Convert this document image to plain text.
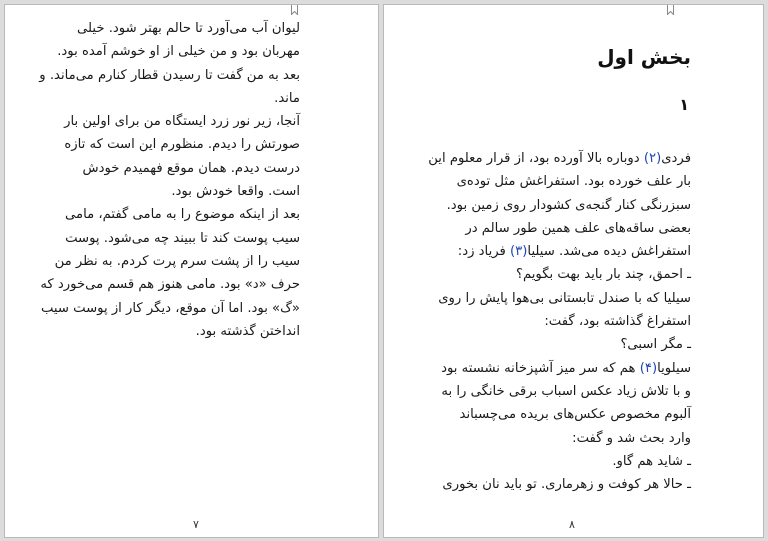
لیوان آب می‌آورد تا حالم بهتر شود. خیلی
مهربان بود و من خیلی از او خوشم آمده بود.
بعد به من گفت تا رسیدن قطار کنارم می‌ماند. و
ماند.
آنجا، زیر نور زرد ایستگاه من برای اولین بار
صورتش را دیدم. منظورم این است که تازه
درست دیدم. همان موقع فهمیدم خودش
است. واقعا خودش بود.
بعد از اینکه موضوع را به مامی گفتم، مامی
سیب پوست کند تا ببیند چه می‌شود. پوست
سیب را از پشت سرم پرت کردم. به نظر من
حرف «د» بود. مامی هنوز هم قسم می‌خورد که
«گ» بود. اما آن موقع، دیگر کار از پوست سیب
انداختن گذشته بود.
۷
بخش اول
۱
فردی(۲) دوباره بالا آورده بود، از قرار معلوم این
بار علف خورده بود. استفراغش مثل توده‌ی
سبزرنگی کنار گنجه‌ی کشودار روی زمین بود.
بعضی ساقه‌های علف همین طور سالم در
استفراغش دیده می‌شد. سیلیا(۳) فریاد زد:
ـ احمق، چند بار باید بهت بگویم؟
سیلیا که با صندل تابستانی بی‌هوا پایش را روی
استفراغ گذاشته بود، گفت:
ـ مگر اسبی؟
سیلویا(۴) هم که سر میز آشپزخانه نشسته بود
و با تلاش زیاد عکس اسباب برقی خانگی را به
آلبوم مخصوص عکس‌های بریده می‌چسباند
وارد بحث شد و گفت:
ـ شاید هم گاو.
ـ حالا هر کوفت و زهرماری. تو باید نان بخوری
۸
